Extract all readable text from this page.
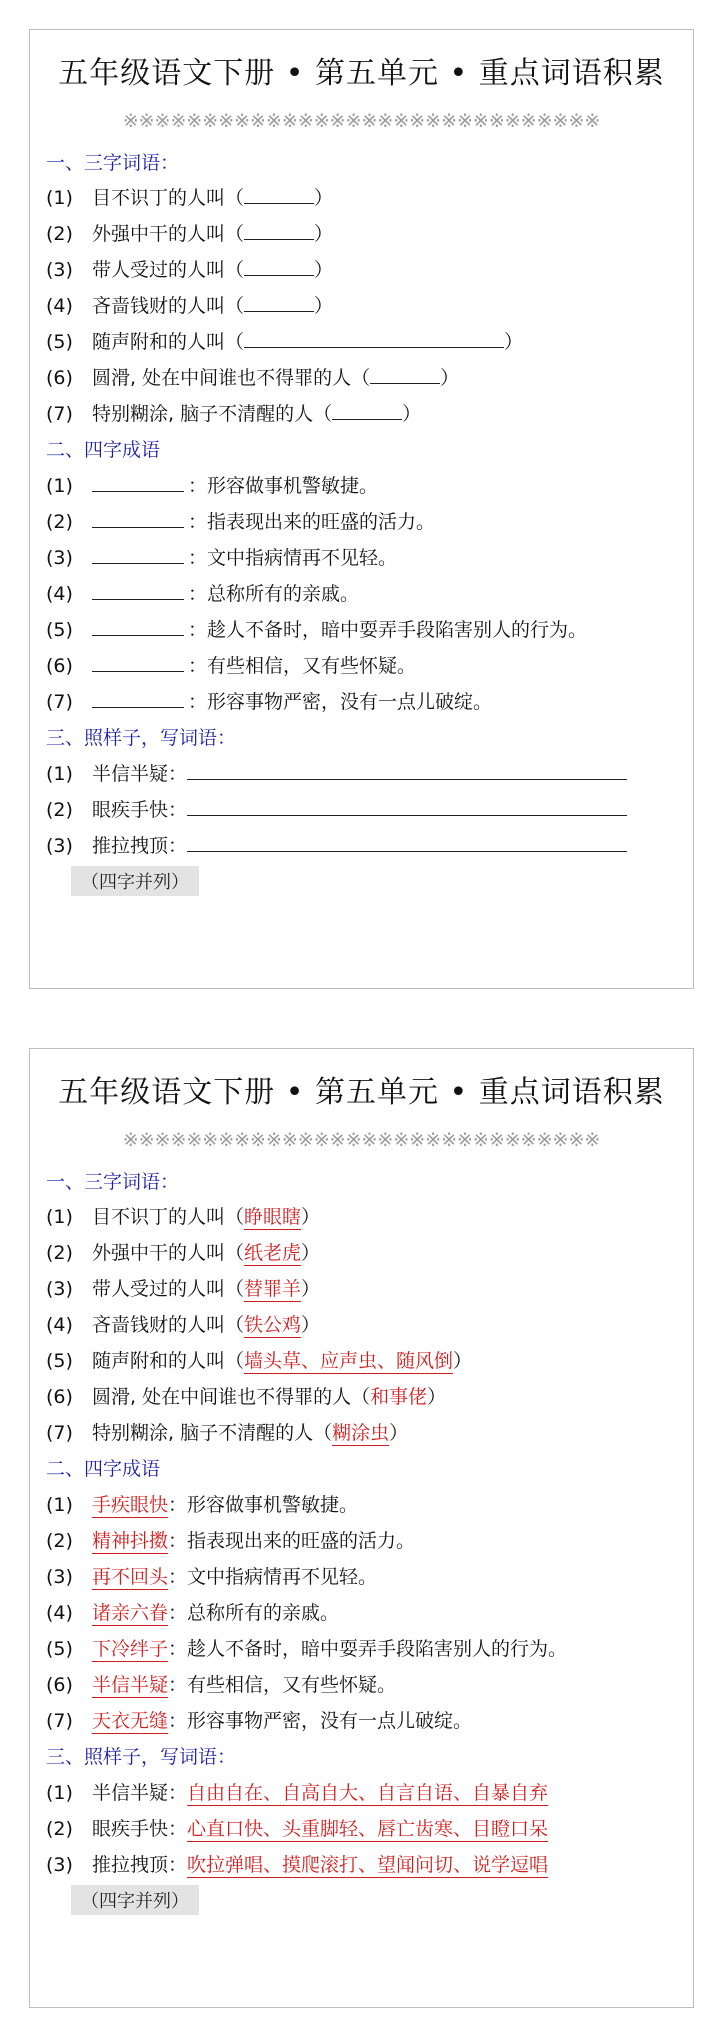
五年级语文下册 • 第五单元 • 重点词语积累
※※※※※※※※※※※※※※※※※※※※※※※※※※※※※※
一、三字词语：
(1)	目不识丁的人叫（	）
(2)	外强中干的人叫（	）
(3)	带人受过的人叫（	）
(4)	吝啬钱财的人叫（	）
(5)	随声附和的人叫（	）
(6)	圆滑, 处在中间谁也不得罪的人（	）
(7)	特别糊涂, 脑子不清醒的人（	）
二、四字成语
(1)	：形容做事机警敏捷。
(2)	：指表现出来的旺盛的活力。
(3)	：文中指病情再不见轻。
(4)	：总称所有的亲戚。
(5)	：趁人不备时，暗中耍弄手段陷害别人的行为。
(6)	：有些相信，又有些怀疑。
(7)	：形容事物严密，没有一点儿破绽。
三、照样子，写词语：
(1)	半信半疑：
(2)	眼疾手快：
(3)	推拉拽顶：
（四字并列）
五年级语文下册 • 第五单元 • 重点词语积累
※※※※※※※※※※※※※※※※※※※※※※※※※※※※※※
一、三字词语：
(1)	目不识丁的人叫（ 睁眼瞎 ）
(2)	外强中干的人叫（ 纸老虎 ）
(3)	带人受过的人叫（ 替罪羊 ）
(4)	吝啬钱财的人叫（ 铁公鸡 ）
(5)	随声附和的人叫（ 墙头草、应声虫、随风倒 ）
(6)	圆滑, 处在中间谁也不得罪的人（ 和事佬 ）
(7)	特别糊涂, 脑子不清醒的人（ 糊涂虫 ）
二、四字成语
(1)	手疾眼快 ：形容做事机警敏捷。
(2)	精神抖擞 ：指表现出来的旺盛的活力。
(3)	再不回头 ：文中指病情再不见轻。
(4)	诸亲六眷 ：总称所有的亲戚。
(5)	下冷绊子 ：趁人不备时，暗中耍弄手段陷害别人的行为。
(6)	半信半疑 ：有些相信，又有些怀疑。
(7)	天衣无缝 ：形容事物严密，没有一点儿破绽。
三、照样子，写词语：
(1)	半信半疑： 自由自在、自高自大、自言自语、自暴自弃
(2)	眼疾手快： 心直口快、头重脚轻、唇亡齿寒、目瞪口呆
(3)	推拉拽顶： 吹拉弹唱、摸爬滚打、望闻问切、说学逗唱
（四字并列）
